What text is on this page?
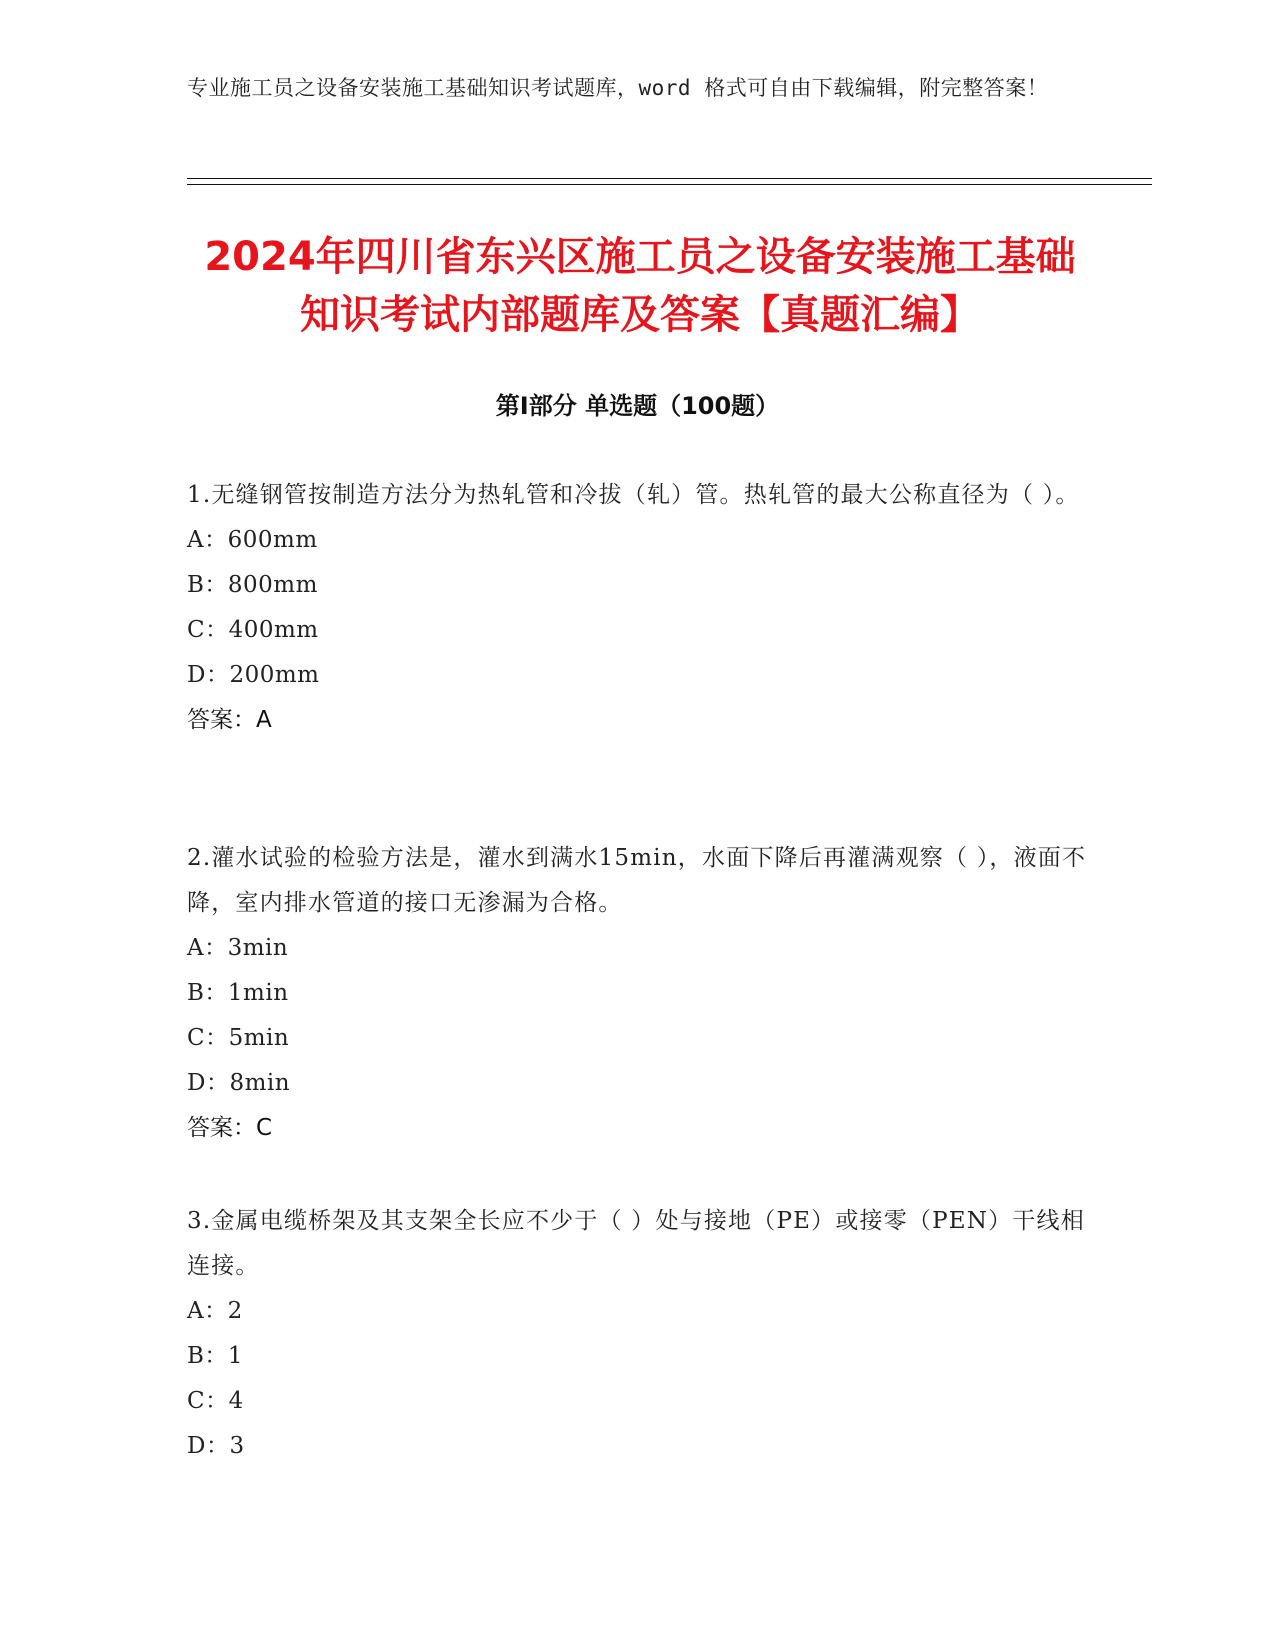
专业施工员之设备安装施工基础知识考试题库，word 格式可自由下载编辑，附完整答案！
2024年四川省东兴区施工员之设备安装施工基础知识考试内部题库及答案【真题汇编】
第Ⅰ部分 单选题（100题）
1.无缝钢管按制造方法分为热轧管和冷拔（轧）管。热轧管的最大公称直径为（ ）。
A：600mm
B：800mm
C：400mm
D：200mm
答案：A
2.灌水试验的检验方法是，灌水到满水15min，水面下降后再灌满观察（ ），液面不降，室内排水管道的接口无渗漏为合格。
A：3min
B：1min
C：5min
D：8min
答案：C
3.金属电缆桥架及其支架全长应不少于（ ）处与接地（PE）或接零（PEN）干线相连接。
A：2
B：1
C：4
D：3
